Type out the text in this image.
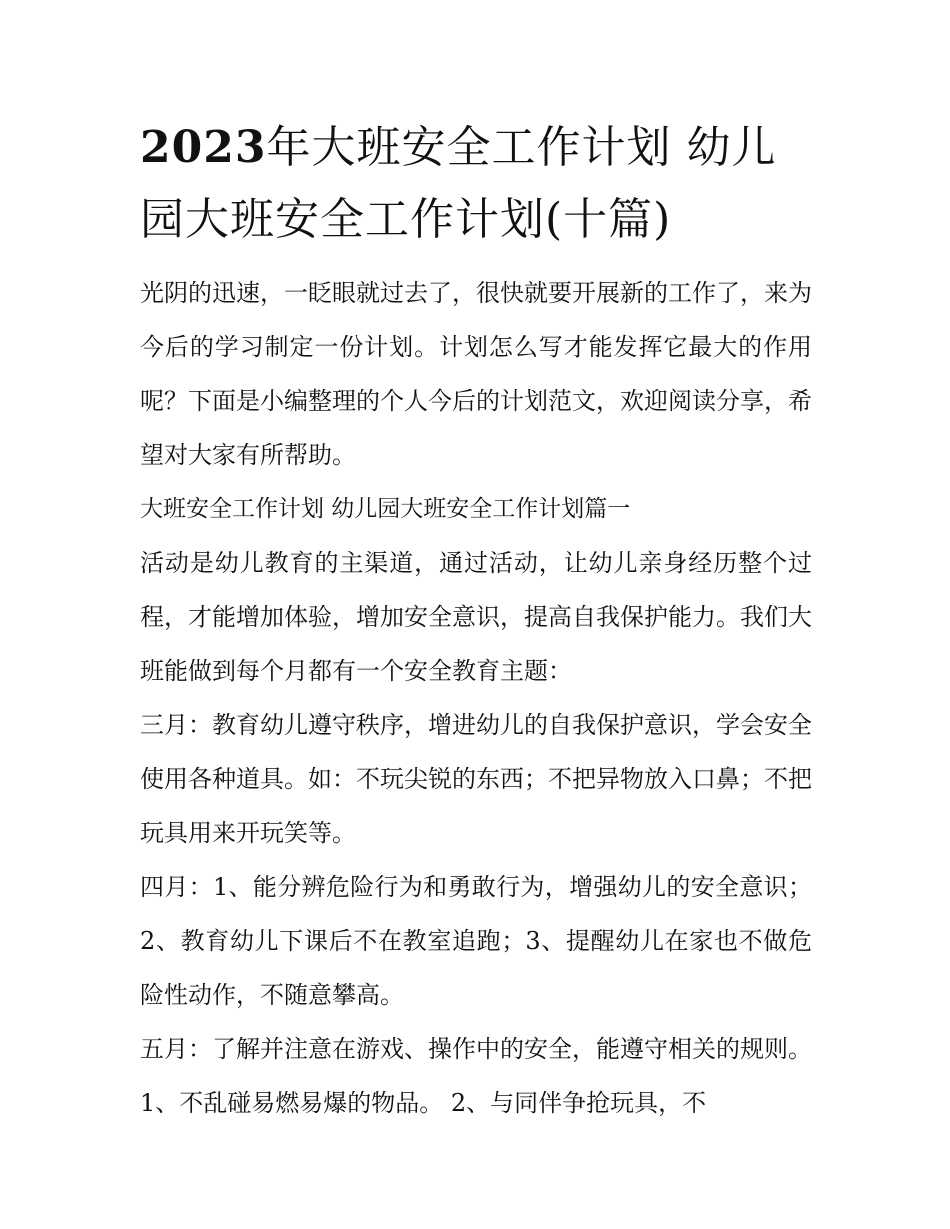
2023年大班安全工作计划 幼儿园大班安全工作计划(十篇)

光阴的迅速，一眨眼就过去了，很快就要开展新的工作了，来为今后的学习制定一份计划。计划怎么写才能发挥它最大的作用呢？下面是小编整理的个人今后的计划范文，欢迎阅读分享，希望对大家有所帮助。

大班安全工作计划 幼儿园大班安全工作计划篇一

活动是幼儿教育的主渠道，通过活动，让幼儿亲身经历整个过程，才能增加体验，增加安全意识，提高自我保护能力。我们大班能做到每个月都有一个安全教育主题：

三月：教育幼儿遵守秩序，增进幼儿的自我保护意识，学会安全使用各种道具。如：不玩尖锐的东西；不把异物放入口鼻；不把玩具用来开玩笑等。

四月：1、能分辨危险行为和勇敢行为，增强幼儿的安全意识；2、教育幼儿下课后不在教室追跑；3、提醒幼儿在家也不做危险性动作，不随意攀高。

五月：了解并注意在游戏、操作中的安全，能遵守相关的规则。 1、不乱碰易燃易爆的物品。 2、与同伴争抢玩具，不
